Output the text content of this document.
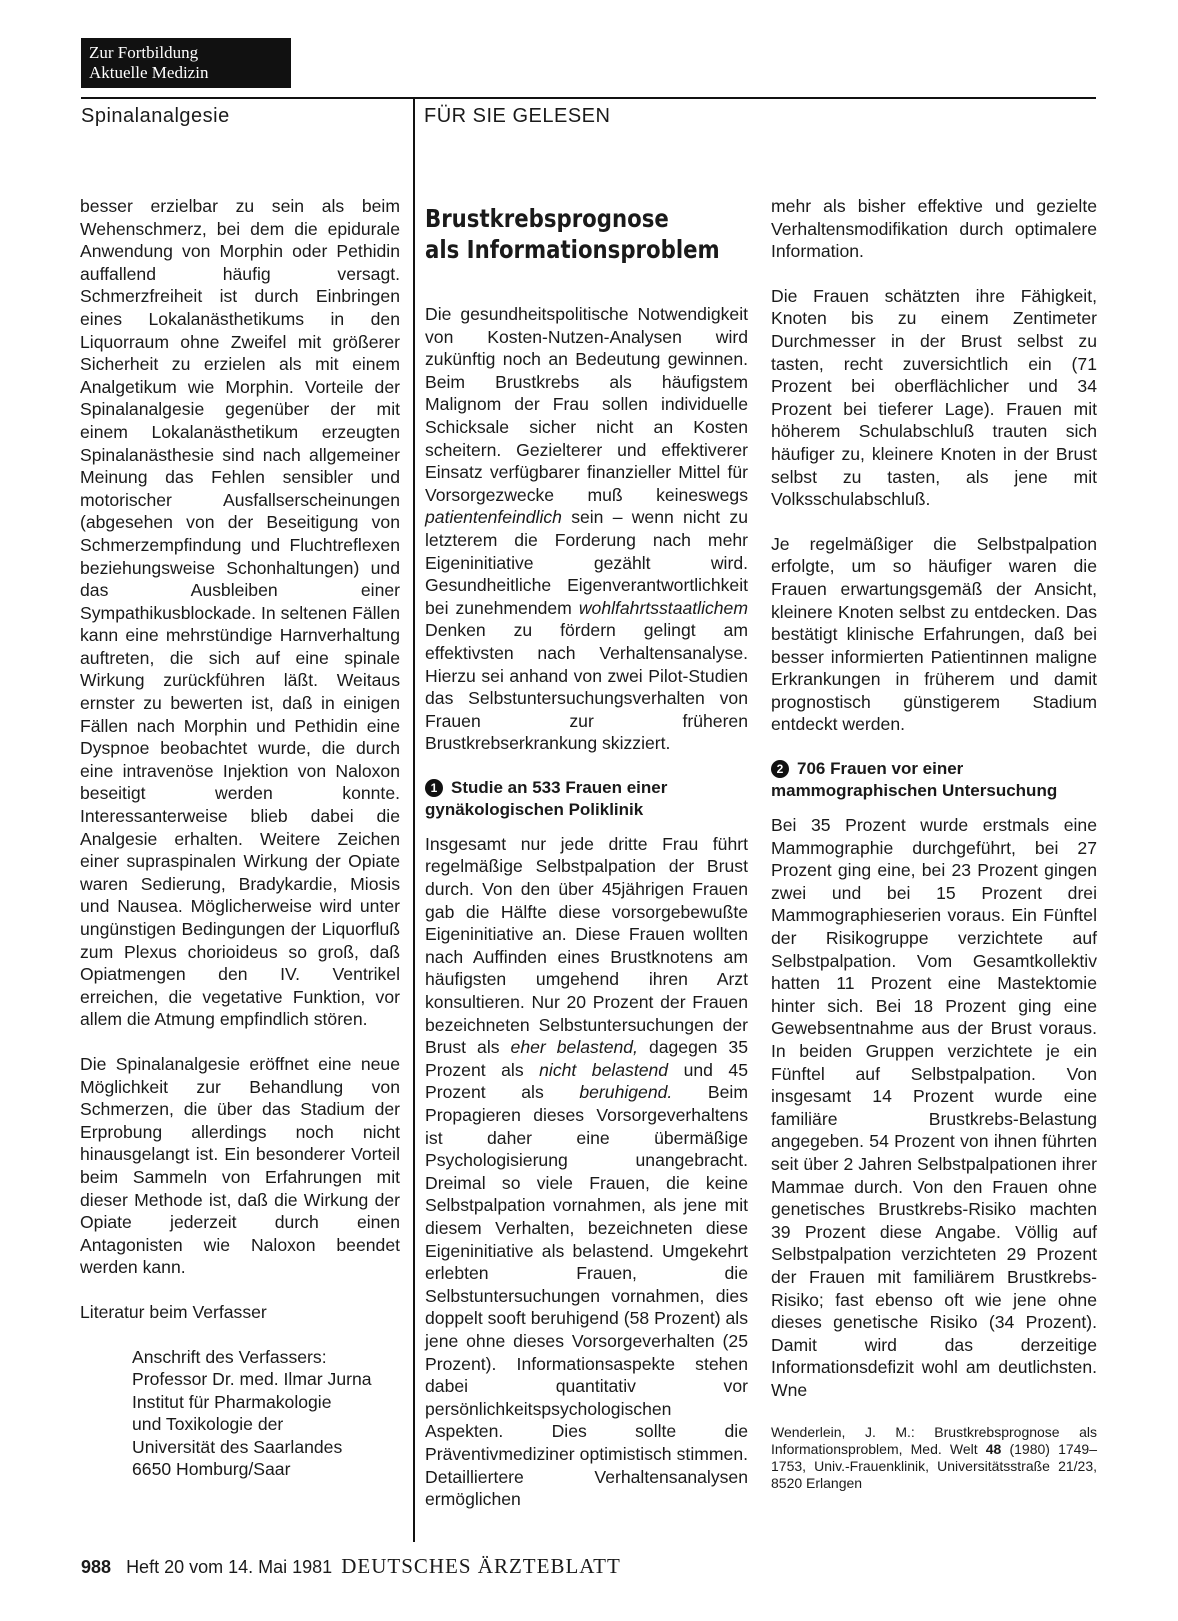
Zur Fortbildung
Aktuelle Medizin
Spinalanalgesie	FÜR SIE GELESEN

besser erzielbar zu sein als beim Wehenschmerz, bei dem die epidurale Anwendung von Morphin oder Pethidin auffallend häufig versagt. Schmerzfreiheit ist durch Einbringen eines Lokalanästhetikums in den Liquorraum ohne Zweifel mit größerer Sicherheit zu erzielen als mit einem Analgetikum wie Morphin. Vorteile der Spinalanalgesie gegenüber der mit einem Lokalanästhetikum erzeugten Spinalanästhesie sind nach allgemeiner Meinung das Fehlen sensibler und motorischer Ausfallserscheinungen (abgesehen von der Beseitigung von Schmerzempfindung und Fluchtreflexen beziehungsweise Schonhaltungen) und das Ausbleiben einer Sympathikusblockade. In seltenen Fällen kann eine mehrstündige Harnverhaltung auftreten, die sich auf eine spinale Wirkung zurückführen läßt. Weitaus ernster zu bewerten ist, daß in einigen Fällen nach Morphin und Pethidin eine Dyspnoe beobachtet wurde, die durch eine intravenöse Injektion von Naloxon beseitigt werden konnte. Interessanterweise blieb dabei die Analgesie erhalten. Weitere Zeichen einer supraspinalen Wirkung der Opiate waren Sedierung, Bradykardie, Miosis und Nausea. Möglicherweise wird unter ungünstigen Bedingungen der Liquorfluß zum Plexus chorioideus so groß, daß Opiatmengen den IV. Ventrikel erreichen, die vegetative Funktion, vor allem die Atmung empfindlich stören.

Die Spinalanalgesie eröffnet eine neue Möglichkeit zur Behandlung von Schmerzen, die über das Stadium der Erprobung allerdings noch nicht hinausgelangt ist. Ein besonderer Vorteil beim Sammeln von Erfahrungen mit dieser Methode ist, daß die Wirkung der Opiate jederzeit durch einen Antagonisten wie Naloxon beendet werden kann.

Literatur beim Verfasser

Anschrift des Verfassers:
Professor Dr. med. Ilmar Jurna
Institut für Pharmakologie
und Toxikologie der
Universität des Saarlandes
6650 Homburg/Saar
Brustkrebsprognose
als Informationsproblem

Die gesundheitspolitische Notwendigkeit von Kosten-Nutzen-Analysen wird zukünftig noch an Bedeutung gewinnen. Beim Brustkrebs als häufigstem Malignom der Frau sollen individuelle Schicksale sicher nicht an Kosten scheitern. Gezielterer und effektiverer Einsatz verfügbarer finanzieller Mittel für Vorsorgezwecke muß keineswegs patientenfeindlich sein – wenn nicht zu letzterem die Forderung nach mehr Eigeninitiative gezählt wird. Gesundheitliche Eigenverantwortlichkeit bei zunehmendem wohlfahrtsstaatlichem Denken zu fördern gelingt am effektivsten nach Verhaltensanalyse. Hierzu sei anhand von zwei Pilot-Studien das Selbstuntersuchungsverhalten von Frauen zur früheren Brustkrebserkrankung skizziert.

1 Studie an 533 Frauen einer gynäkologischen Poliklinik

Insgesamt nur jede dritte Frau führt regelmäßige Selbstpalpation der Brust durch. Von den über 45jährigen Frauen gab die Hälfte diese vorsorgebewußte Eigeninitiative an. Diese Frauen wollten nach Auffinden eines Brustknotens am häufigsten umgehend ihren Arzt konsultieren. Nur 20 Prozent der Frauen bezeichneten Selbstuntersuchungen der Brust als eher belastend, dagegen 35 Prozent als nicht belastend und 45 Prozent als beruhigend. Beim Propagieren dieses Vorsorgeverhaltens ist daher eine übermäßige Psychologisierung unangebracht. Dreimal so viele Frauen, die keine Selbstpalpation vornahmen, als jene mit diesem Verhalten, bezeichneten diese Eigeninitiative als belastend. Umgekehrt erlebten Frauen, die Selbstuntersuchungen vornahmen, dies doppelt sooft beruhigend (58 Prozent) als jene ohne dieses Vorsorgeverhalten (25 Prozent). Informationsaspekte stehen dabei quantitativ vor persönlichkeitspsychologischen Aspekten. Dies sollte die Präventivmediziner optimistisch stimmen. Detailliertere Verhaltensanalysen ermöglichen

mehr als bisher effektive und gezielte Verhaltensmodifikation durch optimalere Information.

Die Frauen schätzten ihre Fähigkeit, Knoten bis zu einem Zentimeter Durchmesser in der Brust selbst zu tasten, recht zuversichtlich ein (71 Prozent bei oberflächlicher und 34 Prozent bei tieferer Lage). Frauen mit höherem Schulabschluß trauten sich häufiger zu, kleinere Knoten in der Brust selbst zu tasten, als jene mit Volksschulabschluß.

Je regelmäßiger die Selbstpalpation erfolgte, um so häufiger waren die Frauen erwartungsgemäß der Ansicht, kleinere Knoten selbst zu entdecken. Das bestätigt klinische Erfahrungen, daß bei besser informierten Patientinnen maligne Erkrankungen in früherem und damit prognostisch günstigerem Stadium entdeckt werden.

2 706 Frauen vor einer mammographischen Untersuchung

Bei 35 Prozent wurde erstmals eine Mammographie durchgeführt, bei 27 Prozent ging eine, bei 23 Prozent gingen zwei und bei 15 Prozent drei Mammographieserien voraus. Ein Fünftel der Risikogruppe verzichtete auf Selbstpalpation. Vom Gesamtkollektiv hatten 11 Prozent eine Mastektomie hinter sich. Bei 18 Prozent ging eine Gewebsentnahme aus der Brust voraus. In beiden Gruppen verzichtete je ein Fünftel auf Selbstpalpation. Von insgesamt 14 Prozent wurde eine familiäre Brustkrebs-Belastung angegeben. 54 Prozent von ihnen führten seit über 2 Jahren Selbstpalpationen ihrer Mammae durch. Von den Frauen ohne genetisches Brustkrebs-Risiko machten 39 Prozent diese Angabe. Völlig auf Selbstpalpation verzichteten 29 Prozent der Frauen mit familiärem Brustkrebs-Risiko; fast ebenso oft wie jene ohne dieses genetische Risiko (34 Prozent). Damit wird das derzeitige Informationsdefizit wohl am deutlichsten.      Wne

Wenderlein, J. M.: Brustkrebsprognose als Informationsproblem, Med. Welt 48 (1980) 1749–1753, Univ.-Frauenklinik, Universitätsstraße 21/23, 8520 Erlangen
988 Heft 20 vom 14. Mai 1981 DEUTSCHES ÄRZTEBLATT
